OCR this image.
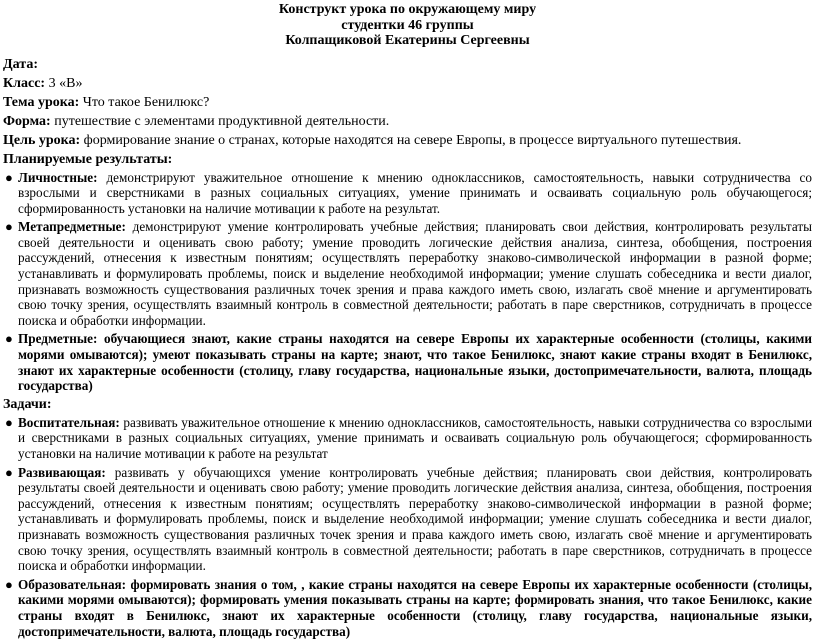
Конструкт урока по окружающему миру

студентки 46 группы

Колпащиковой Екатерины Сергеевны

Дата:

Класс: 3 «В»

Тема урока: Что такое Бенилюкс?

Форма: путешествие с элементами продуктивной деятельности.

Цель урока: формирование знание о странах, которые находятся на севере Европы, в процессе виртуального путешествия.

Планируемые результаты:

● Личностные: демонстрируют уважительное отношение к мнению одноклассников, самостоятельность, навыки сотрудничества со взрослыми и сверстниками в разных социальных ситуациях, умение принимать и осваивать социальную роль обучающегося; сформированность установки на наличие мотивации к работе на результат.
● Метапредметные: демонстрируют умение контролировать учебные действия; планировать свои действия, контролировать результаты своей деятельности и оценивать свою работу; умение проводить логические действия анализа, синтеза, обобщения, построения рассуждений, отнесения к известным понятиям; осуществлять переработку знаково-символической информации в разной форме; устанавливать и формулировать проблемы, поиск и выделение необходимой информации; умение слушать собеседника и вести диалог, признавать возможность существования различных точек зрения и права каждого иметь свою, излагать своё мнение и аргументировать свою точку зрения, осуществлять взаимный контроль в совместной деятельности; работать в паре сверстников, сотрудничать в процессе поиска и обработки информации.
● Предметные: обучающиеся знают, какие страны находятся на севере Европы их характерные особенности (столицы, какими морями омываются); умеют показывать страны на карте; знают, что такое Бенилюкс, знают какие страны входят в Бенилюкс, знают их характерные особенности (столицу, главу государства, национальные языки, достопримечательности, валюта, площадь государства)

Задачи:

● Воспитательная: развивать уважительное отношение к мнению одноклассников, самостоятельность, навыки сотрудничества со взрослыми и сверстниками в разных социальных ситуациях, умение принимать и осваивать социальную роль обучающегося; сформированность установки на наличие мотивации к работе на результат
● Развивающая: развивать у обучающихся умение контролировать учебные действия; планировать свои действия, контролировать результаты своей деятельности и оценивать свою работу; умение проводить логические действия анализа, синтеза, обобщения, построения рассуждений, отнесения к известным понятиям; осуществлять переработку знаково-символической информации в разной форме; устанавливать и формулировать проблемы, поиск и выделение необходимой информации; умение слушать собеседника и вести диалог, признавать возможность существования различных точек зрения и права каждого иметь свою, излагать своё мнение и аргументировать свою точку зрения, осуществлять взаимный контроль в совместной деятельности; работать в паре сверстников, сотрудничать в процессе поиска и обработки информации.
● Образовательная: формировать знания о том, , какие страны находятся на севере Европы их характерные особенности (столицы, какими морями омываются); формировать умения показывать страны на карте; формировать знания, что такое Бенилюкс, какие страны входят в Бенилюкс, знают их характерные особенности (столицу, главу государства, национальные языки, достопримечательности, валюта, площадь государства)
